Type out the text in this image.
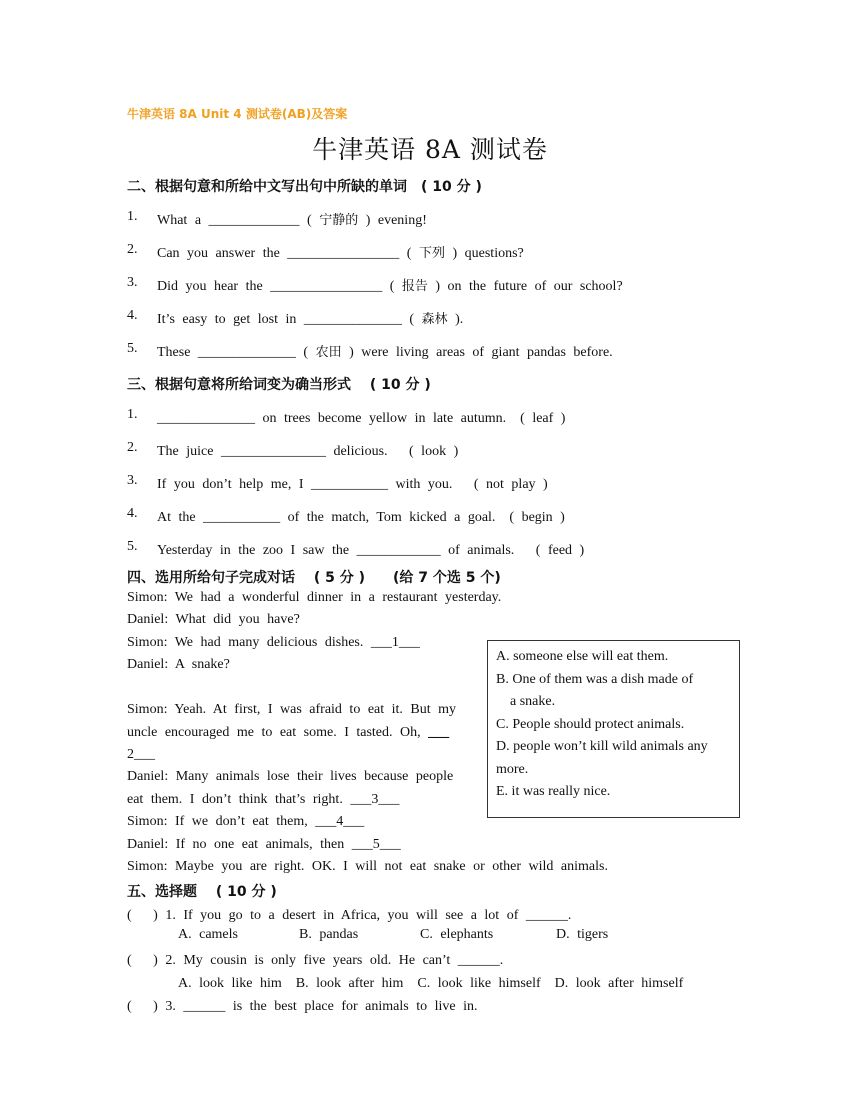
牛津英语 8A Unit 4 测试卷(AB)及答案
牛津英语 8A 测试卷
二、根据句意和所给中文写出句中所缺的单词　( 10 分 )
1. What a _____________ ( 宁静的 ) evening!
2. Can you answer the ________________ ( 下列 ) questions?
3. Did you hear the ________________ ( 报告 ) on the future of our school?
4. It’s easy to get lost in ______________ ( 森林 ).
5. These ______________ ( 农田 ) were living areas of giant pandas before.
三、根据句意将所给词变为确当形式　 ( 10 分 )
1. ______________ on trees become yellow in late autumn.　( leaf )
2. The juice _______________ delicious. 　( look )
3. If you don’t help me, I ___________ with you. 　( not play )
4. At the ___________ of the match, Tom kicked a goal.　( begin )
5. Yesterday in the zoo I saw the ____________ of animals. 　( feed )
四、选用所给句子完成对话　 ( 5 分 )　　(给 7 个选 5 个)
Simon: We had a wonderful dinner in a restaurant yesterday.
Daniel: What did you have?
Simon: We had many delicious dishes. ___1___
Daniel: A snake?
Simon: Yeah. At first, I was afraid to eat it. But my
uncle encouraged me to eat some. I tasted. Oh, ___
2___
Daniel: Many animals lose their lives because people
eat them. I don’t think that’s right. ___3___
Simon: If we don’t eat them, ___4___
Daniel: If no one eat animals, then ___5___
Simon: Maybe you are right. OK. I will not eat snake or other wild animals.
A. someone else will eat them.
B. One of them was a dish made of
a snake.
C. People should protect animals.
D. people won’t kill wild animals any
more.
E. it was really nice.
五、选择题　 ( 10 分 )
(　 ) 1. If you go to a desert in Africa, you will see a lot of ______.
A. camels	B. pandas	C. elephants	D. tigers
(　 ) 2. My cousin is only five years old. He can’t ______.
A. look like him　B. look after him　C. look like himself　D. look after himself
(　 ) 3. ______ is the best place for animals to live in.
